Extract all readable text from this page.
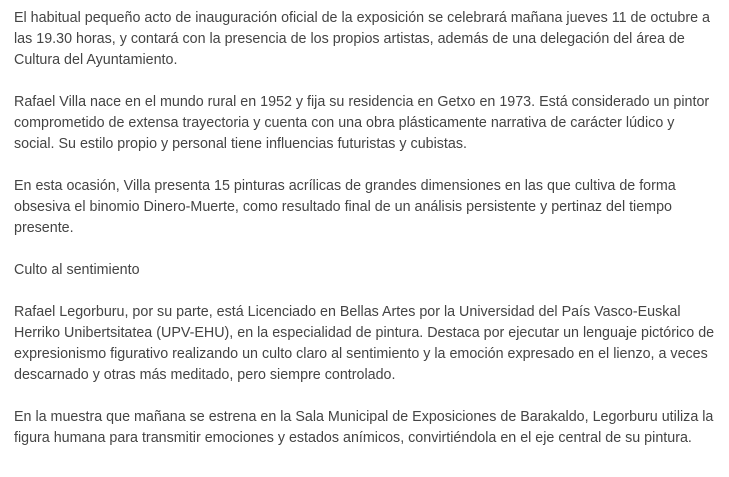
El habitual pequeño acto de inauguración oficial de la exposición se celebrará mañana jueves 11 de octubre a las 19.30 horas, y contará con la presencia de los propios artistas, además de una delegación del área de Cultura del Ayuntamiento.

Rafael Villa nace en el mundo rural en 1952 y fija su residencia en Getxo en 1973. Está considerado un pintor comprometido de extensa trayectoria y cuenta con una obra plásticamente narrativa de carácter lúdico y social. Su estilo propio y personal tiene influencias futuristas y cubistas.

En esta ocasión, Villa presenta 15 pinturas acrílicas de grandes dimensiones en las que cultiva de forma obsesiva el binomio Dinero-Muerte, como resultado final de un análisis persistente y pertinaz del tiempo presente.

Culto al sentimiento

Rafael Legorburu, por su parte, está Licenciado en Bellas Artes por la Universidad del País Vasco-Euskal Herriko Unibertsitatea (UPV-EHU), en la especialidad de pintura. Destaca por ejecutar un lenguaje pictórico de expresionismo figurativo realizando un culto claro al sentimiento y la emoción expresado en el lienzo, a veces descarnado y otras más meditado, pero siempre controlado.

En la muestra que mañana se estrena en la Sala Municipal de Exposiciones de Barakaldo, Legorburu utiliza la figura humana para transmitir emociones y estados anímicos, convirtiéndola en el eje central de su pintura.
